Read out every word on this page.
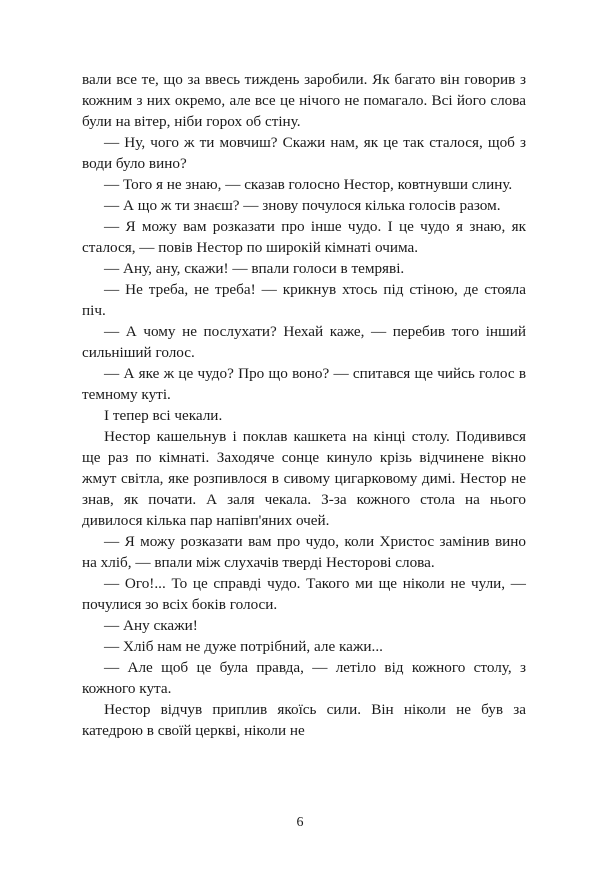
вали все те, що за ввесь тиждень заробили. Як багато він говорив з кожним з них окремо, але все це нічого не помагало. Всі його слова були на вітер, ніби горох об стіну.

— Ну, чого ж ти мовчиш? Скажи нам, як це так сталося, щоб з води було вино?

— Того я не знаю, — сказав голосно Нестор, ковтнувши слину.

— А що ж ти знаєш? — знову почулося кілька голосів разом.

— Я можу вам розказати про інше чудо. І це чудо я знаю, як сталося, — повів Нестор по широкій кімнаті очима.

— Ану, ану, скажи! — впали голоси в темряві.

— Не треба, не треба! — крикнув хтось під стіною, де стояла піч.

— А чому не послухати? Нехай каже, — перебив того інший сильніший голос.

— А яке ж це чудо? Про що воно? — спитався ще чийсь голос в темному куті.

І тепер всі чекали.

Нестор кашельнув і поклав кашкета на кінці столу. Подивився ще раз по кімнаті. Заходяче сонце кинуло крізь відчинене вікно жмут світла, яке розпивлося в сивому цигарковому димі. Нестор не знав, як почати. А заля чекала. З-за кожного стола на нього дивилося кілька пар напівп'яних очей.

— Я можу розказати вам про чудо, коли Христос замінив вино на хліб, — впали між слухачів тверді Несторові слова.

— Ого!... То це справді чудо. Такого ми ще ніколи не чули, — почулися зо всіх боків голоси.

— Ану скажи!

— Хліб нам не дуже потрібний, але кажи...

— Але щоб це була правда, — летіло від кожного столу, з кожного кута.

Нестор відчув приплив якоїсь сили. Він ніколи не був за катедрою в своїй церкві, ніколи не

6
